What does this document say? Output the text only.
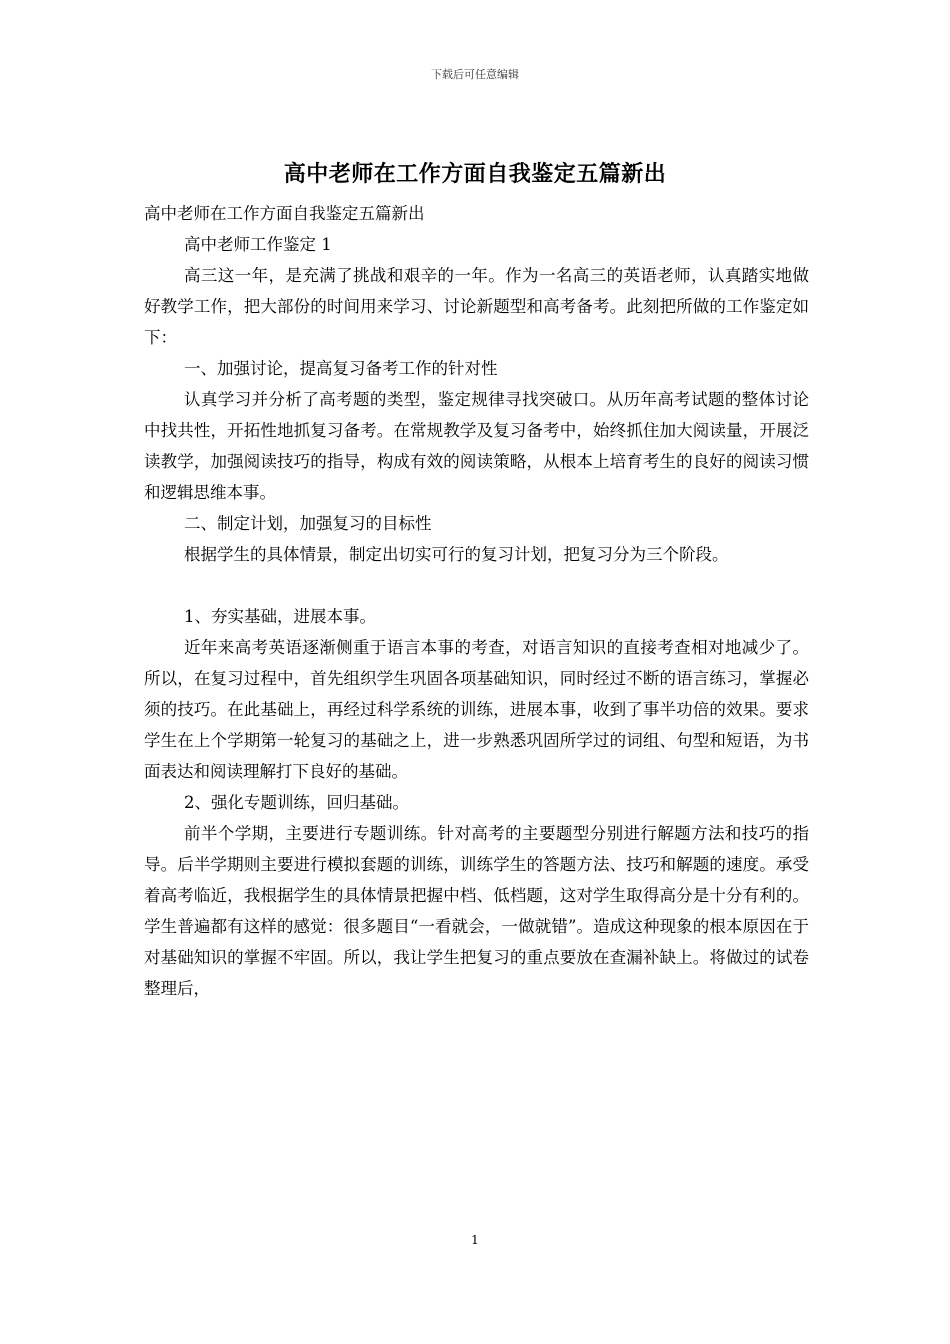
下载后可任意编辑
高中老师在工作方面自我鉴定五篇新出

高中老师在工作方面自我鉴定五篇新出

高中老师工作鉴定 1

高三这一年，是充满了挑战和艰辛的一年。作为一名高三的英语老师，认真踏实地做好教学工作，把大部份的时间用来学习、讨论新题型和高考备考。此刻把所做的工作鉴定如下：

一、加强讨论，提高复习备考工作的针对性

认真学习并分析了高考题的类型，鉴定规律寻找突破口。从历年高考试题的整体讨论中找共性，开拓性地抓复习备考。在常规教学及复习备考中，始终抓住加大阅读量，开展泛读教学，加强阅读技巧的指导，构成有效的阅读策略，从根本上培育考生的良好的阅读习惯和逻辑思维本事。

二、制定计划，加强复习的目标性

根据学生的具体情景，制定出切实可行的复习计划，把复习分为三个阶段。

1、夯实基础，进展本事。

近年来高考英语逐渐侧重于语言本事的考查，对语言知识的直接考查相对地减少了。所以，在复习过程中，首先组织学生巩固各项基础知识，同时经过不断的语言练习，掌握必须的技巧。在此基础上，再经过科学系统的训练，进展本事，收到了事半功倍的效果。要求学生在上个学期第一轮复习的基础之上，进一步熟悉巩固所学过的词组、句型和短语，为书面表达和阅读理解打下良好的基础。

2、强化专题训练，回归基础。

前半个学期，主要进行专题训练。针对高考的主要题型分别进行解题方法和技巧的指导。后半学期则主要进行模拟套题的训练，训练学生的答题方法、技巧和解题的速度。承受着高考临近，我根据学生的具体情景把握中档、低档题，这对学生取得高分是十分有利的。学生普遍都有这样的感觉：很多题目“一看就会，一做就错”。造成这种现象的根本原因在于对基础知识的掌握不牢固。所以，我让学生把复习的重点要放在查漏补缺上。将做过的试卷整理后，

1
